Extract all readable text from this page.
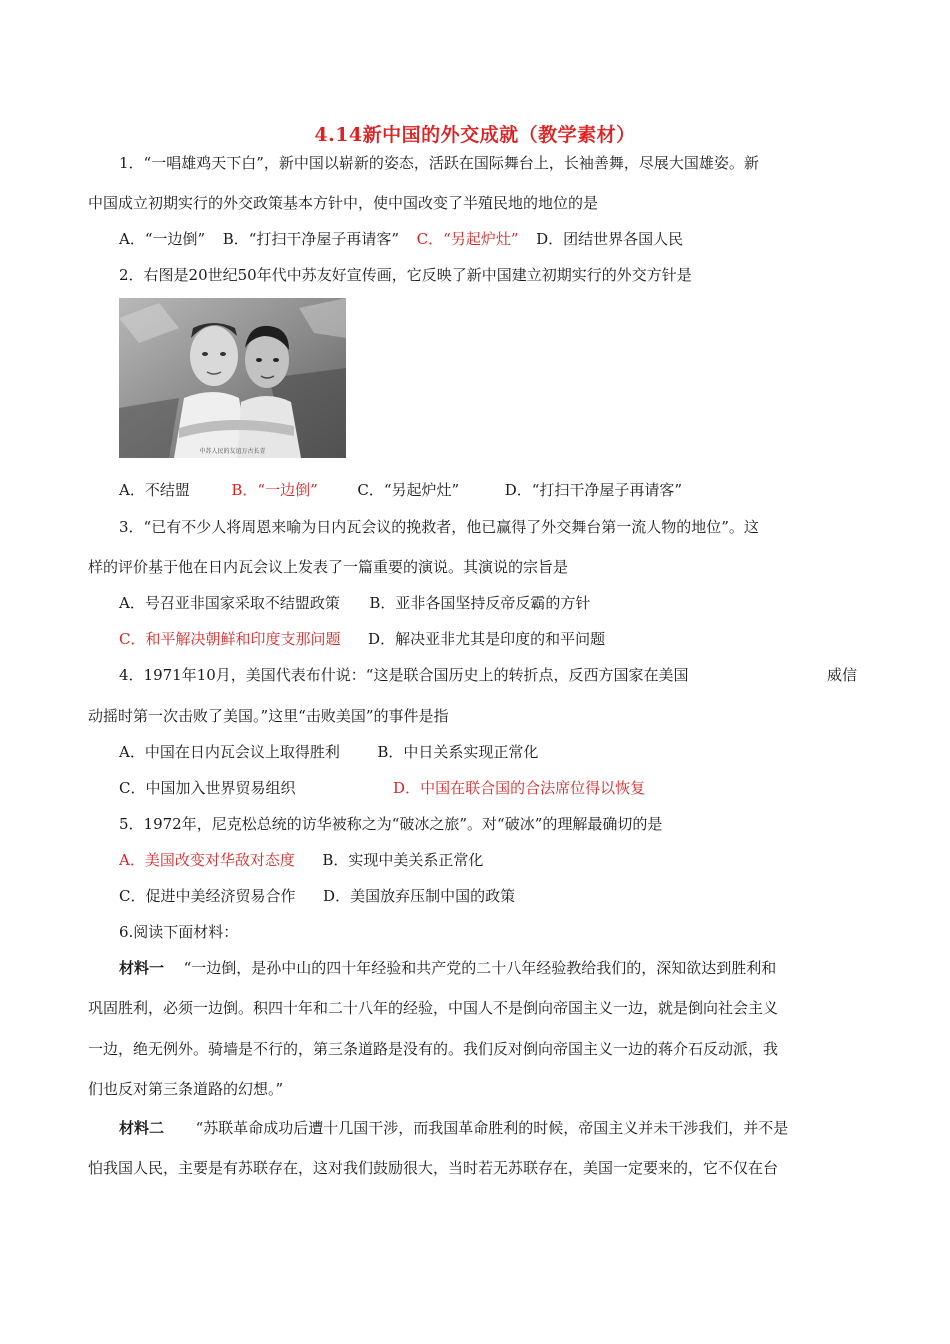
4.14新中国的外交成就（教学素材）
1．“一唱雄鸡天下白”，新中国以崭新的姿态，活跃在国际舞台上，长袖善舞，尽展大国雄姿。新
中国成立初期实行的外交政策基本方针中，使中国改变了半殖民地的地位的是
A．“一边倒” B．“打扫干净屋子再请客” C．“另起炉灶” D．团结世界各国人民
2．右图是20世纪50年代中苏友好宣传画，它反映了新中国建立初期实行的外交方针是
中苏人民的友谊万古长青
A．不结盟	B．“一边倒”	C．“另起炉灶”	D．“打扫干净屋子再请客”
3．“已有不少人将周恩来喻为日内瓦会议的挽救者，他已赢得了外交舞台第一流人物的地位”。这
样的评价基于他在日内瓦会议上发表了一篇重要的演说。其演说的宗旨是
A．号召亚非国家采取不结盟政策 B．亚非各国坚持反帝反霸的方针
C．和平解决朝鲜和印度支那问题 D．解决亚非尤其是印度的和平问题
4．1971年10月，美国代表布什说：“这是联合国历史上的转折点，反西方国家在美国	威信
动摇时第一次击败了美国。”这里“击败美国”的事件是指
A．中国在日内瓦会议上取得胜利	B．中日关系实现正常化
C．中国加入世界贸易组织	D．中国在联合国的合法席位得以恢复
5．1972年，尼克松总统的访华被称之为“破冰之旅”。对“破冰”的理解最确切的是
A．美国改变对华敌对态度 B．实现中美关系正常化
C．促进中美经济贸易合作 D．美国放弃压制中国的政策
6.阅读下面材料：
材料一 “一边倒，是孙中山的四十年经验和共产党的二十八年经验教给我们的，深知欲达到胜利和
巩固胜利，必须一边倒。积四十年和二十八年的经验，中国人不是倒向帝国主义一边，就是倒向社会主义
一边，绝无例外。骑墙是不行的，第三条道路是没有的。我们反对倒向帝国主义一边的蒋介石反动派，我
们也反对第三条道路的幻想。”
材料二 “苏联革命成功后遭十几国干涉，而我国革命胜利的时候，帝国主义并未干涉我们，并不是
怕我国人民，主要是有苏联存在，这对我们鼓励很大，当时若无苏联存在，美国一定要来的，它不仅在台
